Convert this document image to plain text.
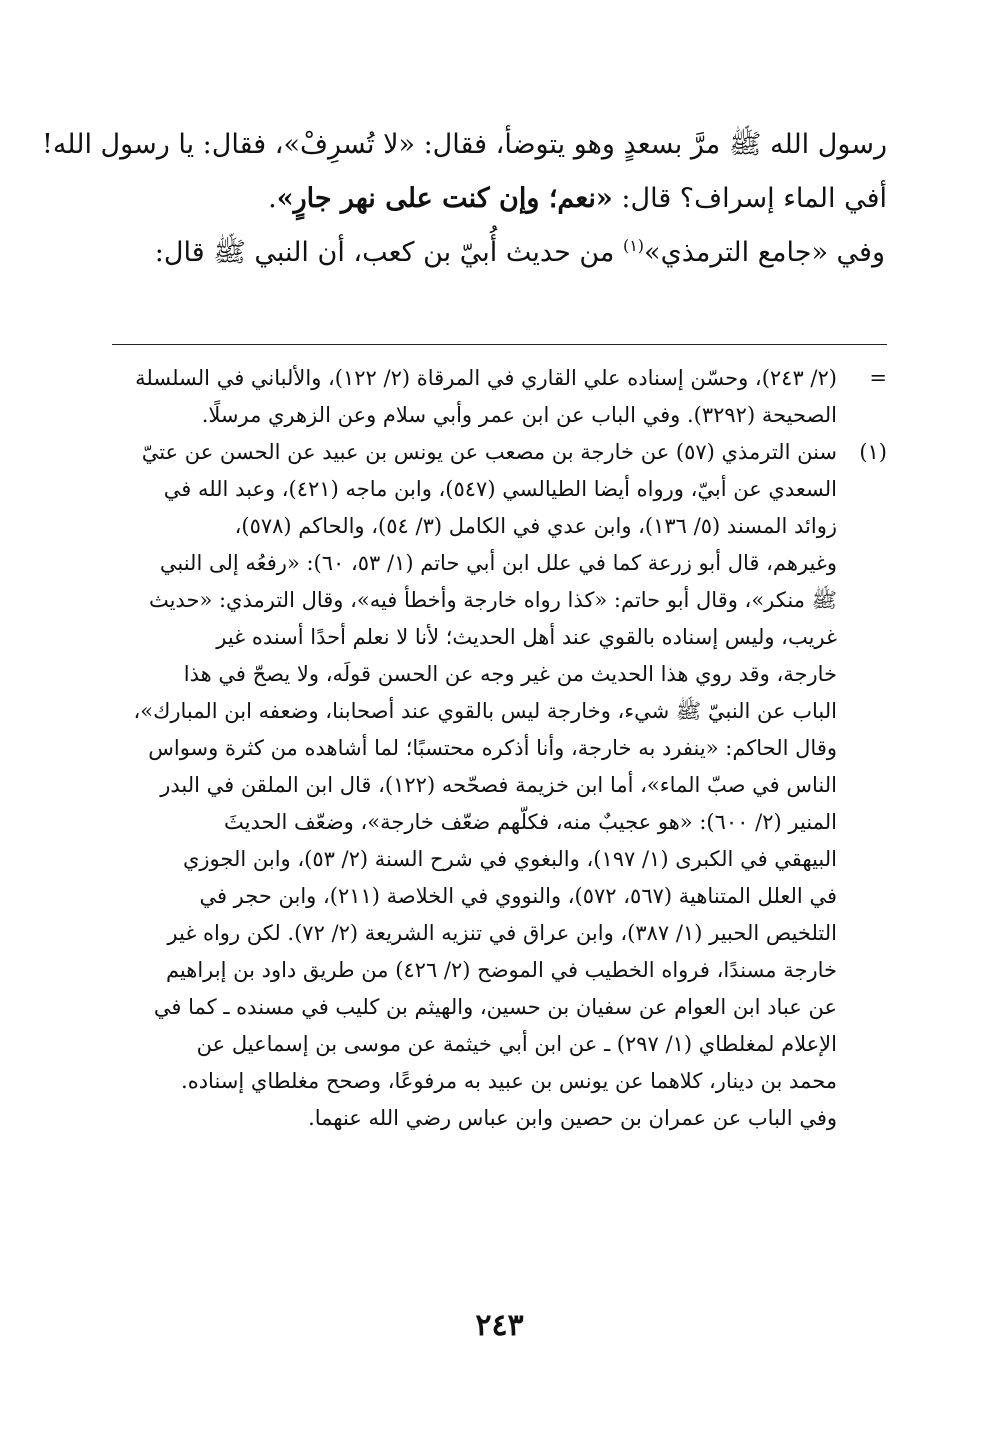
رسول الله ﷺ مرَّ بسعدٍ وهو يتوضأ، فقال: «لا تُسرِفْ»، فقال: يا رسول الله!

أفي الماء إسراف؟ قال: «نعم؛ وإن كنت على نهر جارٍ».

وفي «جامع الترمذي»$^{(١)}$ من حديث أُبيّ بن كعب، أن النبي ﷺ قال:

=

(٢/ ٢٤٣)، وحسّن إسناده علي القاري في المرقاة (٢/ ١٢٢)، والألباني في السلسلة

الصحيحة (٣٢٩٢). وفي الباب عن ابن عمر وأبي سلام وعن الزهري مرسلًا.

(١)

سنن الترمذي (٥٧) عن خارجة بن مصعب عن يونس بن عبيد عن الحسن عن عتيّ

السعدي عن أبيّ، ورواه أيضا الطيالسي (٥٤٧)، وابن ماجه (٤٢١)، وعبد الله في

زوائد المسند (٥/ ١٣٦)، وابن عدي في الكامل (٣/ ٥٤)، والحاكم (٥٧٨)،

وغيرهم، قال أبو زرعة كما في علل ابن أبي حاتم (١/ ٥٣، ٦٠): «رفعُه إلى النبي

ﷺ منكر»، وقال أبو حاتم: «كذا رواه خارجة وأخطأ فيه»، وقال الترمذي: «حديث

غريب، وليس إسناده بالقوي عند أهل الحديث؛ لأنا لا نعلم أحدًا أسنده غير

خارجة، وقد روي هذا الحديث من غير وجه عن الحسن قولَه، ولا يصحّ في هذا

الباب عن النبيّ ﷺ شيء، وخارجة ليس بالقوي عند أصحابنا، وضعفه ابن المبارك»،

وقال الحاكم: «ينفرد به خارجة، وأنا أذكره محتسبًا؛ لما أشاهده من كثرة وسواس

الناس في صبّ الماء»، أما ابن خزيمة فصحّحه (١٢٢)، قال ابن الملقن في البدر

المنير (٢/ ٦٠٠): «هو عجيبٌ منه، فكلّهم ضعّف خارجة»، وضعّف الحديثَ

البيهقي في الكبرى (١/ ١٩٧)، والبغوي في شرح السنة (٢/ ٥٣)، وابن الجوزي

في العلل المتناهية (٥٦٧، ٥٧٢)، والنووي في الخلاصة (٢١١)، وابن حجر في

التلخيص الحبير (١/ ٣٨٧)، وابن عراق في تنزيه الشريعة (٢/ ٧٢). لكن رواه غير

خارجة مسندًا، فرواه الخطيب في الموضح (٢/ ٤٢٦) من طريق داود بن إبراهيم

عن عباد ابن العوام عن سفيان بن حسين، والهيثم بن كليب في مسنده ـ كما في

الإعلام لمغلطاي (١/ ٢٩٧) ـ عن ابن أبي خيثمة عن موسى بن إسماعيل عن

محمد بن دينار، كلاهما عن يونس بن عبيد به مرفوعًا، وصحح مغلطاي إسناده.

وفي الباب عن عمران بن حصين وابن عباس رضي الله عنهما.

٢٤٣
